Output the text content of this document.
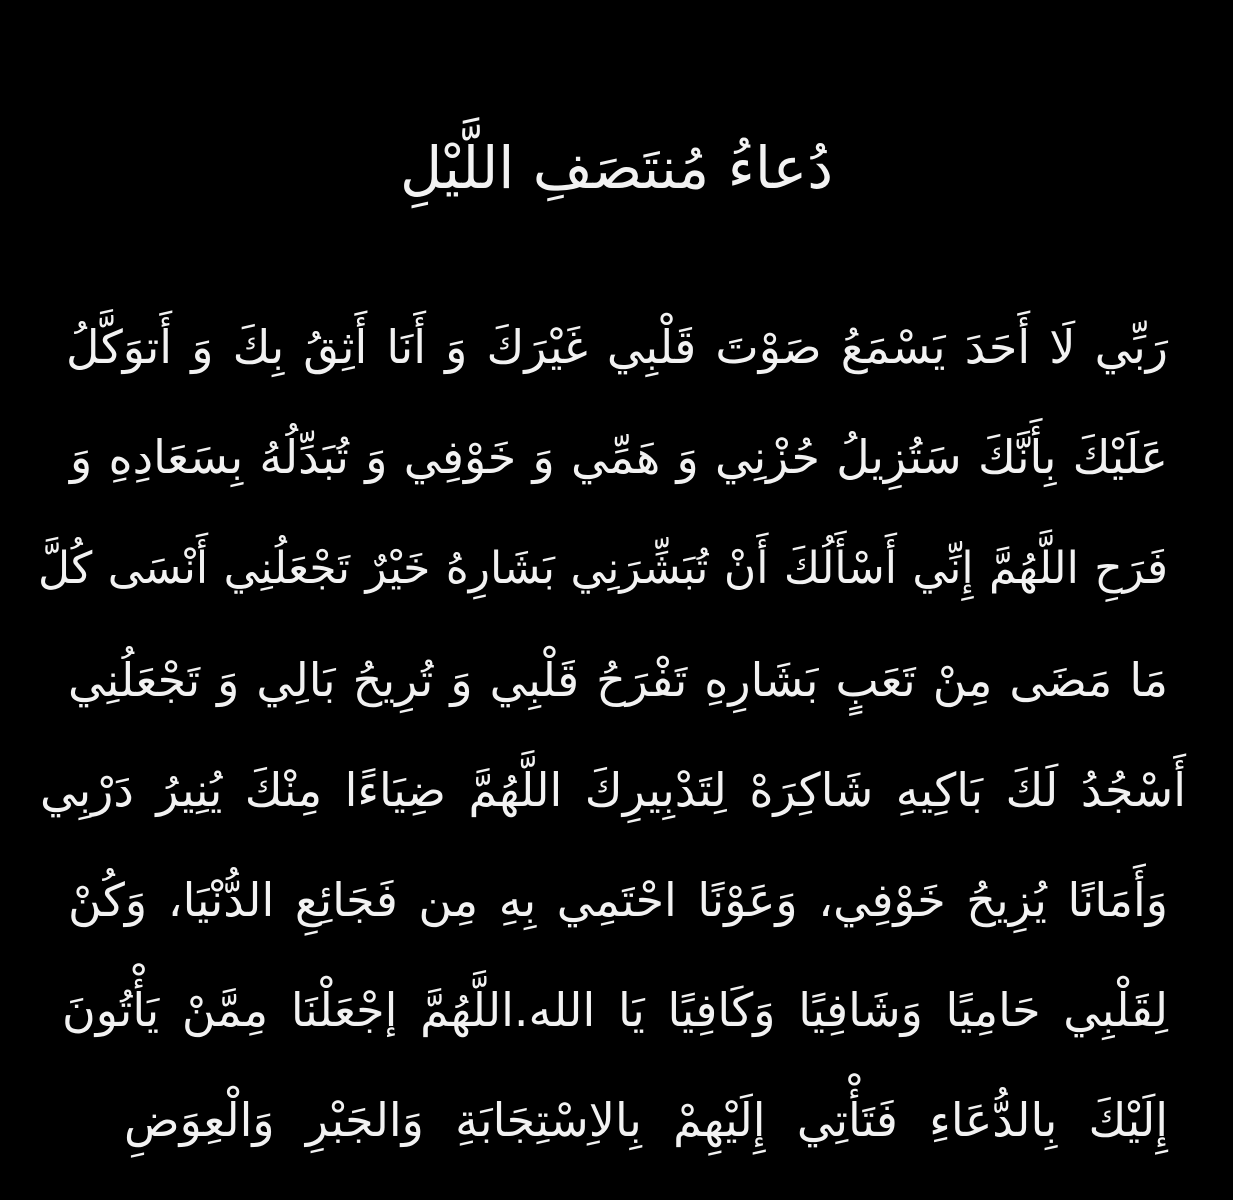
دُعاءُ مُنتَصَفِ اللَّيْلِ
رَبِّي لَا أَحَدَ يَسْمَعُ صَوْتَ قَلْبِي غَيْرَكَ وَ أَنَا أَثِقُ بِكَ وَ أَتوَكَّلُ
عَلَيْكَ بِأَنَّكَ سَتُزِيلُ حُزْنِي وَ هَمِّي وَ خَوْفِي وَ تُبَدِّلُهُ بِسَعَادِهِ وَ
فَرَحِ اللَّهُمَّ إِنِّي أَسْأَلُكَ أَنْ تُبَشِّرَنِي بَشَارِهُ خَيْرٌ تَجْعَلُنِي أَنْسَى كُلَّ
مَا مَضَى مِنْ تَعَبٍ بَشَارِهِ تَفْرَحُ قَلْبِي وَ تُرِيحُ بَالِي وَ تَجْعَلُنِي
أَسْجُدُ لَكَ بَاكِيهِ شَاكِرَهْ لِتَدْبِيرِكَ اللَّهُمَّ ضِيَاءًا مِنْكَ يُنِيرُ دَرْبِي
وَأَمَانًا يُزِيحُ خَوْفِي، وَعَوْنًا احْتَمِي بِهِ مِن فَجَائِعِ الدُّنْيَا، وَكُنْ
لِقَلْبِي حَامِيًا وَشَافِيًا وَكَافِيًا يَا الله.اللَّهُمَّ إجْعَلْنَا مِمَّنْ يَأْتُونَ
إِلَيْكَ بِالدُّعَاءِ فَتَأْتِي إِلَيْهِمْ بِالاِسْتِجَابَةِ وَالجَبْرِ وَالْعِوَضِ
